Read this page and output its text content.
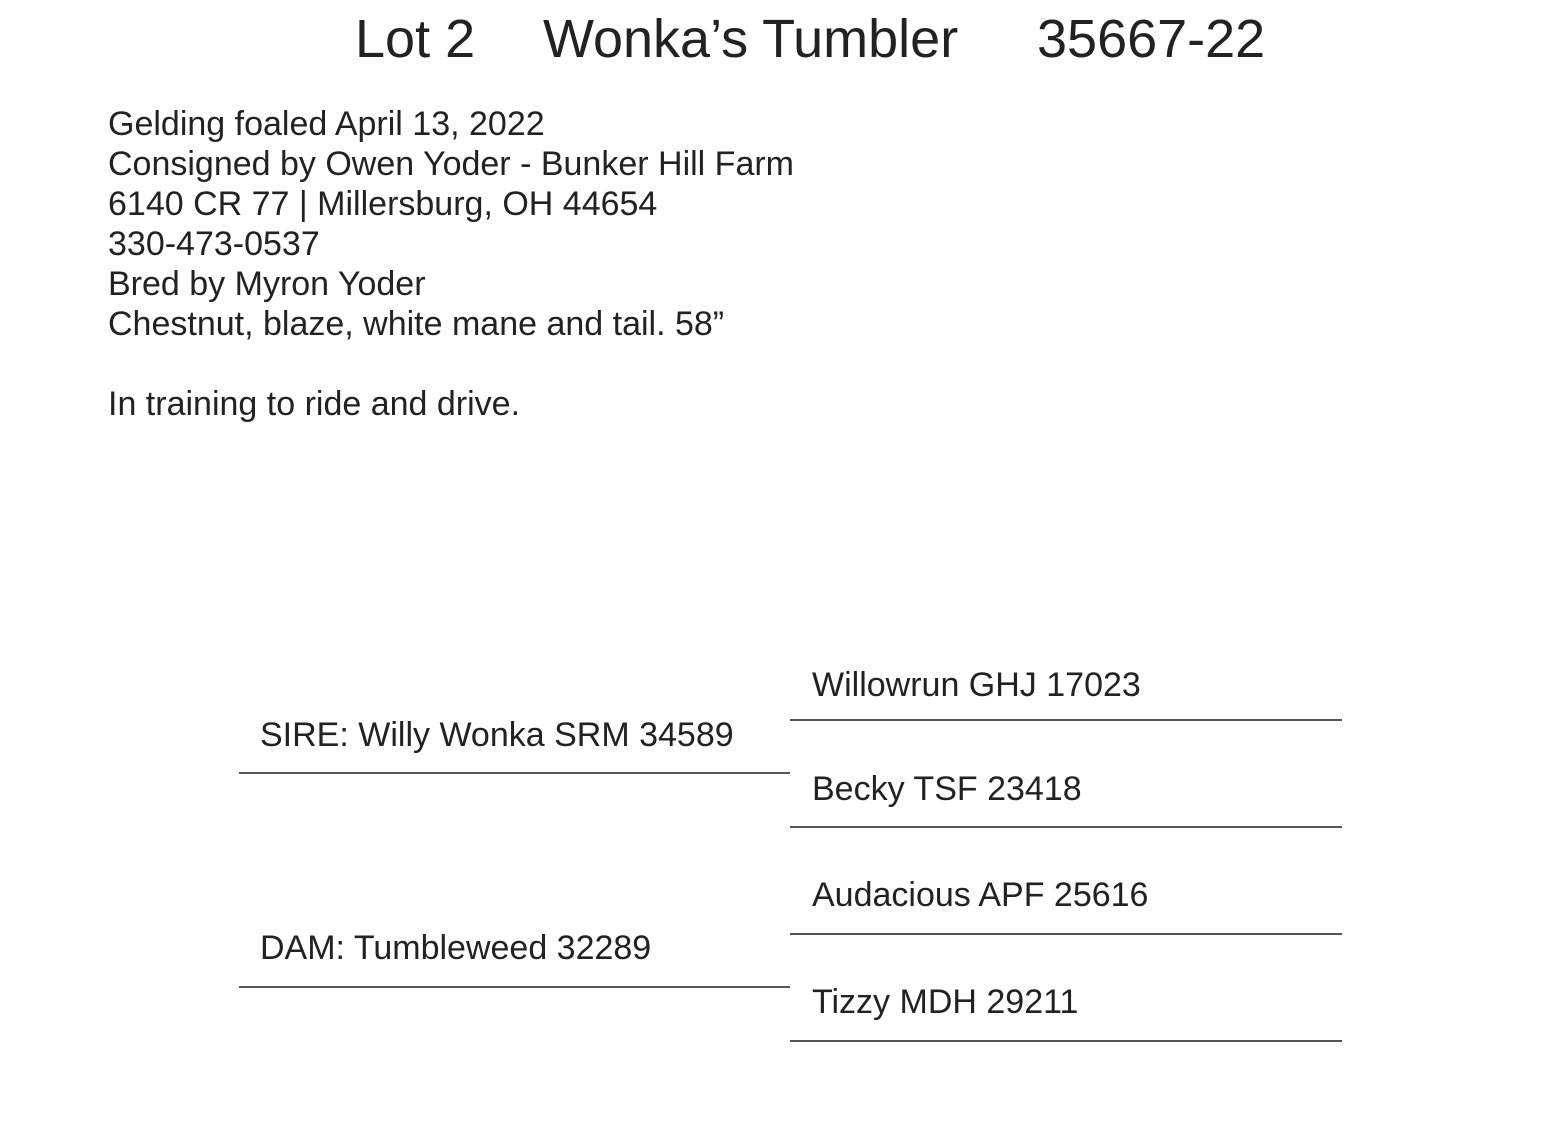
Lot 2 Wonka’s Tumbler 35667-22
Gelding foaled April 13, 2022
Consigned by Owen Yoder - Bunker Hill Farm
6140 CR 77 | Millersburg, OH 44654
330-473-0537
Bred by Myron Yoder
Chestnut, blaze, white mane and tail. 58”
In training to ride and drive.
SIRE: Willy Wonka SRM 34589
DAM: Tumbleweed 32289
Willowrun GHJ 17023
Becky TSF 23418
Audacious APF 25616
Tizzy MDH 29211
